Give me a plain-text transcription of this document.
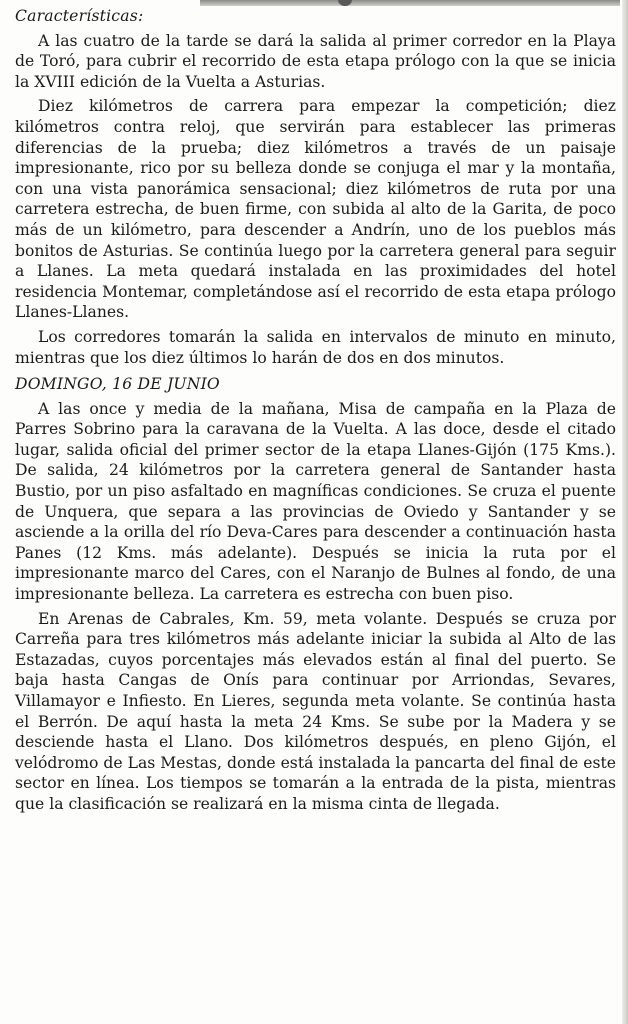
Características:

A las cuatro de la tarde se dará la salida al primer corredor en la Playa de Toró, para cubrir el recorrido de esta etapa prólogo con la que se inicia la XVIII edición de la Vuelta a Asturias.

Diez kilómetros de carrera para empezar la competición; diez kilómetros contra reloj, que servirán para establecer las primeras diferencias de la prueba; diez kilómetros a través de un paisaje impresionante, rico por su belleza donde se conjuga el mar y la montaña, con una vista panorámica sensacional; diez kilómetros de ruta por una carretera estrecha, de buen firme, con subida al alto de la Garita, de poco más de un kilómetro, para descender a Andrín, uno de los pueblos más bonitos de Asturias. Se continúa luego por la carretera general para seguir a Llanes. La meta quedará instalada en las proximidades del hotel residencia Montemar, completándose así el recorrido de esta etapa prólogo Llanes-Llanes.

Los corredores tomarán la salida en intervalos de minuto en minuto, mientras que los diez últimos lo harán de dos en dos minutos.

DOMINGO, 16 DE JUNIO

A las once y media de la mañana, Misa de campaña en la Plaza de Parres Sobrino para la caravana de la Vuelta. A las doce, desde el citado lugar, salida oficial del primer sector de la etapa Llanes-Gijón (175 Kms.). De salida, 24 kilómetros por la carretera general de Santander hasta Bustio, por un piso asfaltado en magníficas condiciones. Se cruza el puente de Unquera, que separa a las provincias de Oviedo y Santander y se asciende a la orilla del río Deva-Cares para descender a continuación hasta Panes (12 Kms. más adelante). Después se inicia la ruta por el impresionante marco del Cares, con el Naranjo de Bulnes al fondo, de una impresionante belleza. La carretera es estrecha con buen piso.

En Arenas de Cabrales, Km. 59, meta volante. Después se cruza por Carreña para tres kilómetros más adelante iniciar la subida al Alto de las Estazadas, cuyos porcentajes más elevados están al final del puerto. Se baja hasta Cangas de Onís para continuar por Arriondas, Sevares, Villamayor e Infiesto. En Lieres, segunda meta volante. Se continúa hasta el Berrón. De aquí hasta la meta 24 Kms. Se sube por la Madera y se desciende hasta el Llano. Dos kilómetros después, en pleno Gijón, el velódromo de Las Mestas, donde está instalada la pancarta del final de este sector en línea. Los tiempos se tomarán a la entrada de la pista, mientras que la clasificación se realizará en la misma cinta de llegada.
